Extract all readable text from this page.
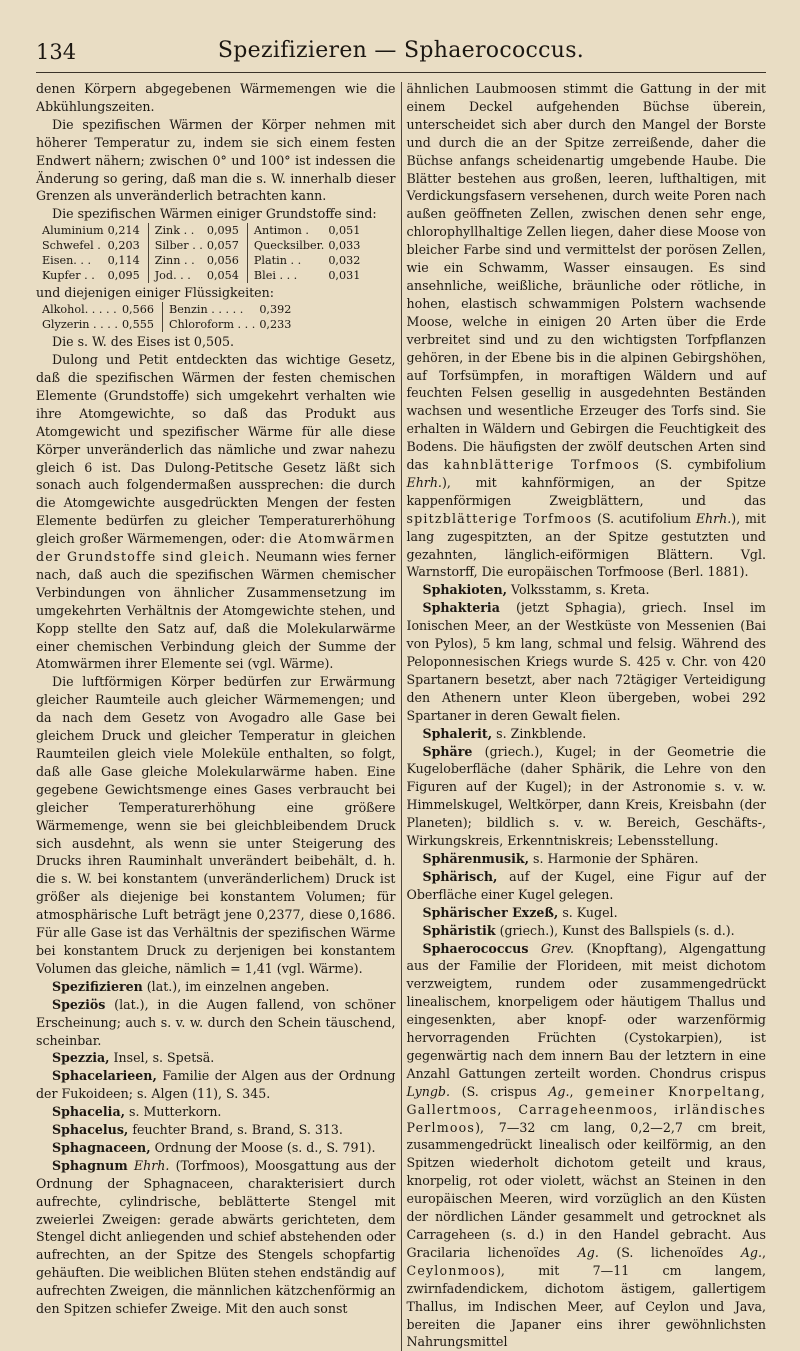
134	Spezifizieren — Sphaerococcus.

denen Körpern abgegebenen Wärmemengen wie die Abkühlungszeiten.

Die spezifischen Wärmen der Körper nehmen mit höherer Temperatur zu, indem sie sich einem festen Endwert nähern; zwischen 0° und 100° ist indessen die Änderung so gering, daß man die s. W. innerhalb dieser Grenzen als unveränderlich betrachten kann.

Die spezifischen Wärmen einiger Grundstoffe sind:

Aluminium	0,214	Zink . .	0,095	Antimon .	0,051
Schwefel .	0,203	Silber . .	0,057	Quecksilber.	0,033
Eisen. . .	0,114	Zinn . .	0,056	Platin . .	0,032
Kupfer . .	0,095	Jod. . .	0,054	Blei . . .	0,031

und diejenigen einiger Flüssigkeiten:

Alkohol. . . . .	0,566	Benzin . . . . .	0,392
Glyzerin . . . .	0,555	Chloroform . . .	0,233

Die s. W. des Eises ist 0,505.

Dulong und Petit entdeckten das wichtige Gesetz, daß die spezifischen Wärmen der festen chemischen Elemente (Grundstoffe) sich umgekehrt verhalten wie ihre Atomgewichte, so daß das Produkt aus Atomgewicht und spezifischer Wärme für alle diese Körper unveränderlich das nämliche und zwar nahezu gleich 6 ist. Das Dulong-Petitsche Gesetz läßt sich sonach auch folgendermaßen aussprechen: die durch die Atomgewichte ausgedrückten Mengen der festen Elemente bedürfen zu gleicher Temperaturerhöhung gleich großer Wärmemengen, oder: die Atomwärmen der Grundstoffe sind gleich. Neumann wies ferner nach, daß auch die spezifischen Wärmen chemischer Verbindungen von ähnlicher Zusammensetzung im umgekehrten Verhältnis der Atomgewichte stehen, und Kopp stellte den Satz auf, daß die Molekularwärme einer chemischen Verbindung gleich der Summe der Atomwärmen ihrer Elemente sei (vgl. Wärme).

Die luftförmigen Körper bedürfen zur Erwärmung gleicher Raumteile auch gleicher Wärmemengen; und da nach dem Gesetz von Avogadro alle Gase bei gleichem Druck und gleicher Temperatur in gleichen Raumteilen gleich viele Moleküle enthalten, so folgt, daß alle Gase gleiche Molekularwärme haben. Eine gegebene Gewichtsmenge eines Gases verbraucht bei gleicher Temperaturerhöhung eine größere Wärmemenge, wenn sie bei gleichbleibendem Druck sich ausdehnt, als wenn sie unter Steigerung des Drucks ihren Rauminhalt unverändert beibehält, d. h. die s. W. bei konstantem (unveränderlichem) Druck ist größer als diejenige bei konstantem Volumen; für atmosphärische Luft beträgt jene 0,2377, diese 0,1686. Für alle Gase ist das Verhältnis der spezifischen Wärme bei konstantem Druck zu derjenigen bei konstantem Volumen das gleiche, nämlich = 1,41 (vgl. Wärme).

Spezifizieren (lat.), im einzelnen angeben.

Speziös (lat.), in die Augen fallend, von schöner Erscheinung; auch s. v. w. durch den Schein täuschend, scheinbar.

Spezzia, Insel, s. Spetsä.

Sphacelarieen, Familie der Algen aus der Ordnung der Fukoideen; s. Algen (11), S. 345.

Sphacelia, s. Mutterkorn.

Sphacelus, feuchter Brand, s. Brand, S. 313.

Sphagnaceen, Ordnung der Moose (s. d., S. 791).

Sphagnum Ehrh. (Torfmoos), Moosgattung aus der Ordnung der Sphagnaceen, charakterisiert durch aufrechte, cylindrische, beblätterte Stengel mit zweierlei Zweigen: gerade abwärts gerichteten, dem Stengel dicht anliegenden und schief abstehenden oder aufrechten, an der Spitze des Stengels schopfartig gehäuften. Die weiblichen Blüten stehen endständig auf aufrechten Zweigen, die männlichen kätzchenförmig an den Spitzen schiefer Zweige. Mit den auch sonst

ähnlichen Laubmoosen stimmt die Gattung in der mit einem Deckel aufgehenden Büchse überein, unterscheidet sich aber durch den Mangel der Borste und durch die an der Spitze zerreißende, daher die Büchse anfangs scheidenartig umgebende Haube. Die Blätter bestehen aus großen, leeren, lufthaltigen, mit Verdickungsfasern versehenen, durch weite Poren nach außen geöffneten Zellen, zwischen denen sehr enge, chlorophyllhaltige Zellen liegen, daher diese Moose von bleicher Farbe sind und vermittelst der porösen Zellen, wie ein Schwamm, Wasser einsaugen. Es sind ansehnliche, weißliche, bräunliche oder rötliche, in hohen, elastisch schwammigen Polstern wachsende Moose, welche in einigen 20 Arten über die Erde verbreitet sind und zu den wichtigsten Torfpflanzen gehören, in der Ebene bis in die alpinen Gebirgshöhen, auf Torfsümpfen, in moraftigen Wäldern und auf feuchten Felsen gesellig in ausgedehnten Beständen wachsen und wesentliche Erzeuger des Torfs sind. Sie erhalten in Wäldern und Gebirgen die Feuchtigkeit des Bodens. Die häufigsten der zwölf deutschen Arten sind das kahnblätterige Torfmoos (S. cymbifolium Ehrh.), mit kahnförmigen, an der Spitze kappenförmigen Zweigblättern, und das spitzblätterige Torfmoos (S. acutifolium Ehrh.), mit lang zugespitzten, an der Spitze gestutzten und gezahnten, länglich-eiförmigen Blättern. Vgl. Warnstorff, Die europäischen Torfmoose (Berl. 1881).

Sphakioten, Volksstamm, s. Kreta.

Sphakteria (jetzt Sphagia), griech. Insel im Ionischen Meer, an der Westküste von Messenien (Bai von Pylos), 5 km lang, schmal und felsig. Während des Peloponnesischen Kriegs wurde S. 425 v. Chr. von 420 Spartanern besetzt, aber nach 72tägiger Verteidigung den Athenern unter Kleon übergeben, wobei 292 Spartaner in deren Gewalt fielen.

Sphalerit, s. Zinkblende.

Sphäre (griech.), Kugel; in der Geometrie die Kugeloberfläche (daher Sphärik, die Lehre von den Figuren auf der Kugel); in der Astronomie s. v. w. Himmelskugel, Weltkörper, dann Kreis, Kreisbahn (der Planeten); bildlich s. v. w. Bereich, Geschäfts-, Wirkungskreis, Erkenntniskreis; Lebensstellung.

Sphärenmusik, s. Harmonie der Sphären.

Sphärisch, auf der Kugel, eine Figur auf der Oberfläche einer Kugel gelegen.

Sphärischer Exzeß, s. Kugel.

Sphäristik (griech.), Kunst des Ballspiels (s. d.).

Sphaerococcus Grev. (Knopftang), Algengattung aus der Familie der Florideen, mit meist dichotom verzweigtem, rundem oder zusammengedrückt linealischem, knorpeligem oder häutigem Thallus und eingesenkten, aber knopf- oder warzenförmig hervorragenden Früchten (Cystokarpien), ist gegenwärtig nach dem innern Bau der letztern in eine Anzahl Gattungen zerteilt worden. Chondrus crispus Lyngb. (S. crispus Ag., gemeiner Knorpeltang, Gallertmoos, Carrageheenmoos, irländisches Perlmoos), 7—32 cm lang, 0,2—2,7 cm breit, zusammengedrückt linealisch oder keilförmig, an den Spitzen wiederholt dichotom geteilt und kraus, knorpelig, rot oder violett, wächst an Steinen in den europäischen Meeren, wird vorzüglich an den Küsten der nördlichen Länder gesammelt und getrocknet als Carrageheen (s. d.) in den Handel gebracht. Aus Gracilaria lichenoïdes Ag. (S. lichenoïdes Ag., Ceylonmoos), mit 7—11 cm langem, zwirnfadendickem, dichotom ästigem, gallertigem Thallus, im Indischen Meer, auf Ceylon und Java, bereiten die Japaner eins ihrer gewöhnlichsten Nahrungsmittel
